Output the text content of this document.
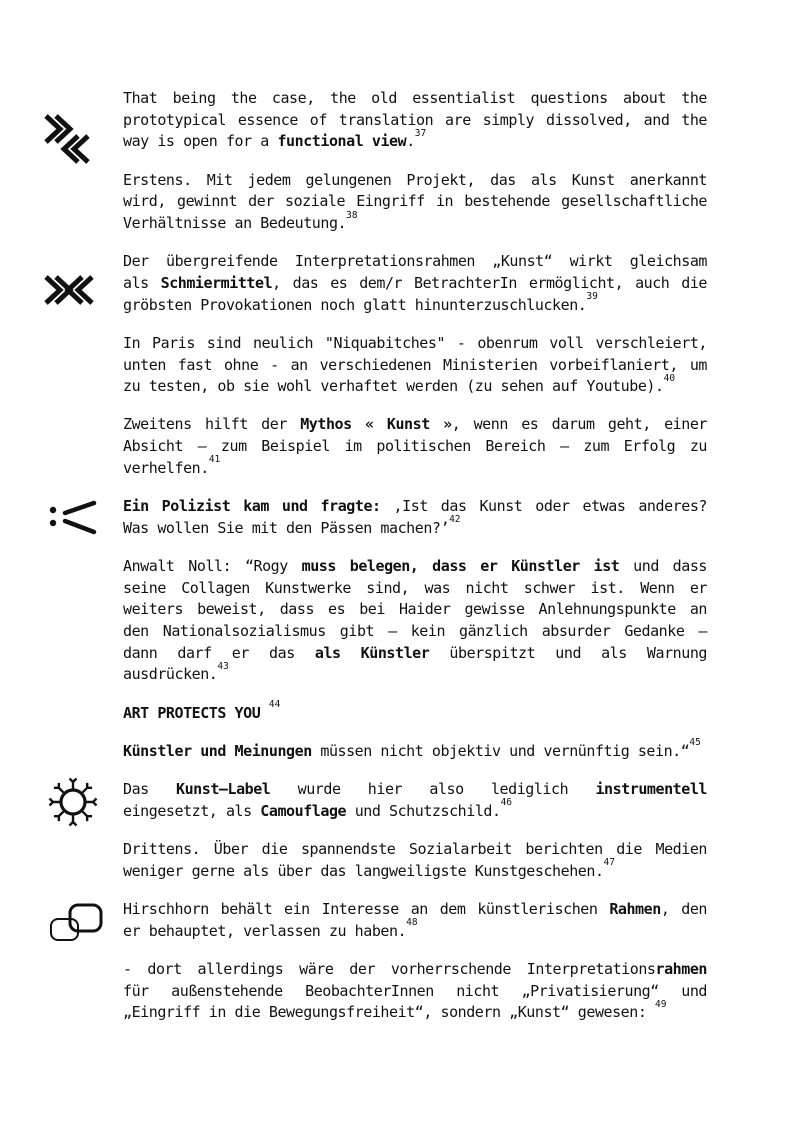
That being the case, the old essentialist questions about the
prototypical essence of translation are simply dissolved, and the
way is open for a functional view.$^{37}$
Erstens. Mit jedem gelungenen Projekt, das als Kunst anerkannt
wird, gewinnt der soziale Eingriff in bestehende gesellschaftliche
Verhältnisse an Bedeutung.$^{38}$
Der übergreifende Interpretationsrahmen „Kunst“ wirkt gleichsam
als Schmiermittel, das es dem/r BetrachterIn ermöglicht, auch die
gröbsten Provokationen noch glatt hinunterzuschlucken.$^{39}$
In Paris sind neulich "Niquabitches" - obenrum voll verschleiert,
unten fast ohne - an verschiedenen Ministerien vorbeiflaniert, um
zu testen, ob sie wohl verhaftet werden (zu sehen auf Youtube).$^{40}$
Zweitens hilft der Mythos « Kunst », wenn es darum geht, einer
Absicht – zum Beispiel im politischen Bereich – zum Erfolg zu
verhelfen.$^{41}$
Ein Polizist kam und fragte: ‚Ist das Kunst oder etwas anderes?
Was wollen Sie mit den Pässen machen?’$^{42}$
Anwalt Noll: “Rogy muss belegen, dass er Künstler ist und dass
seine Collagen Kunstwerke sind, was nicht schwer ist. Wenn er
weiters beweist, dass es bei Haider gewisse Anlehnungspunkte an
den Nationalsozialismus gibt – kein gänzlich absurder Gedanke –
dann darf er das als Künstler überspitzt und als Warnung
ausdrücken.$^{43}$
ART PROTECTS YOU $^{44}$
Künstler und Meinungen müssen nicht objektiv und vernünftig sein.“$^{45}$
Das Kunst–Label wurde hier also lediglich instrumentell
eingesetzt, als Camouflage und Schutzschild.$^{46}$
Drittens. Über die spannendste Sozialarbeit berichten die Medien
weniger gerne als über das langweiligste Kunstgeschehen.$^{47}$
Hirschhorn behält ein Interesse an dem künstlerischen Rahmen, den
er behauptet, verlassen zu haben.$^{48}$
- dort allerdings wäre der vorherrschende Interpretationsrahmen
für außenstehende BeobachterInnen nicht „Privatisierung“ und
„Eingriff in die Bewegungsfreiheit“, sondern „Kunst“ gewesen: $^{49}$
